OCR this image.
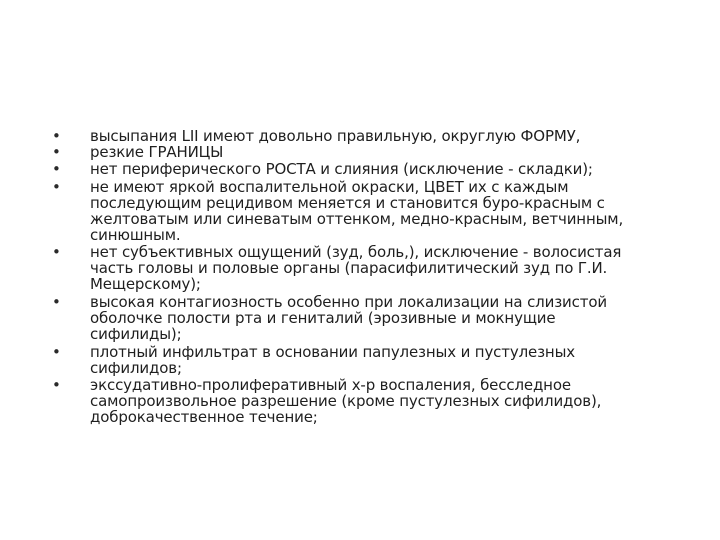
• высыпания LII имеют довольно правильную, округлую ФОРМУ,
• резкие ГРАНИЦЫ
• нет периферического РОСТА и слияния (исключение - складки);
• не имеют яркой воспалительной окраски, ЦВЕТ их с каждым
последующим рецидивом меняется и становится буро-красным с
желтоватым или синеватым оттенком, медно-красным, ветчинным,
синюшным.
• нет субъективных ощущений (зуд, боль,), исключение - волосистая
часть головы и половые органы (парасифилитический зуд по Г.И.
Мещерскому);
• высокая контагиозность особенно при локализации на слизистой
оболочке полости рта и гениталий (эрозивные и мокнущие
сифилиды);
• плотный инфильтрат в основании папулезных и пустулезных
сифилидов;
• экссудативно-пролиферативный х-р воспаления, бесследное
самопроизвольное разрешение (кроме пустулезных сифилидов),
доброкачественное течение;
